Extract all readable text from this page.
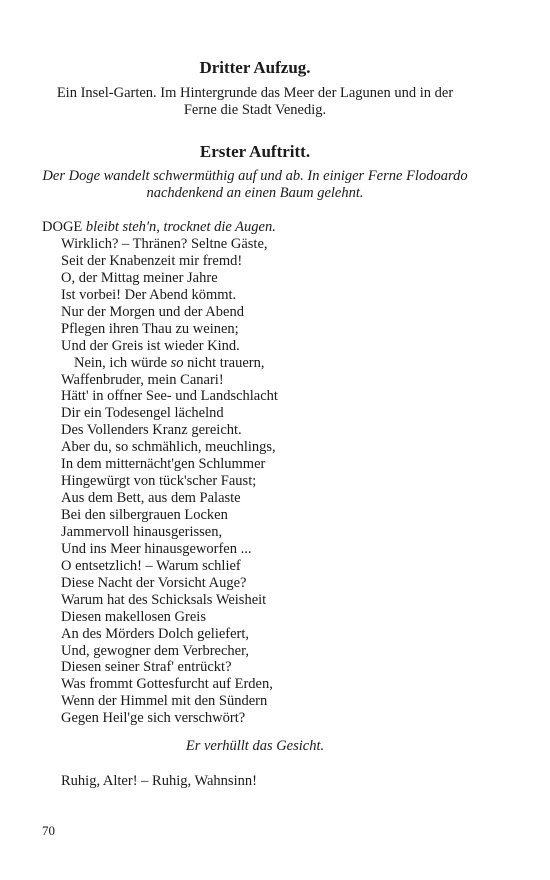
Dritter Aufzug.

Ein Insel-Garten. Im Hintergrunde das Meer der Lagunen und in der Ferne die Stadt Venedig.

Erster Auftritt.

Der Doge wandelt schwermüthig auf und ab. In einiger Ferne Flodoardo nachdenkend an einen Baum gelehnt.

DOGE bleibt steh'n, trocknet die Augen.
Wirklich? – Thränen? Seltne Gäste,
Seit der Knabenzeit mir fremd!
O, der Mittag meiner Jahre
Ist vorbei! Der Abend kömmt.
Nur der Morgen und der Abend
Pflegen ihren Thau zu weinen;
Und der Greis ist wieder Kind.
Nein, ich würde so nicht trauern,
Waffenbruder, mein Canari!
Hätt' in offner See- und Landschlacht
Dir ein Todesengel lächelnd
Des Vollenders Kranz gereicht.
Aber du, so schmählich, meuchlings,
In dem mitternächt'gen Schlummer
Hingewürgt von tück'scher Faust;
Aus dem Bett, aus dem Palaste
Bei den silbergrauen Locken
Jammervoll hinausgerissen,
Und ins Meer hinausgeworfen ...
O entsetzlich! – Warum schlief
Diese Nacht der Vorsicht Auge?
Warum hat des Schicksals Weisheit
Diesen makellosen Greis
An des Mörders Dolch geliefert,
Und, gewogner dem Verbrecher,
Diesen seiner Straf' entrückt?
Was frommt Gottesfurcht auf Erden,
Wenn der Himmel mit den Sündern
Gegen Heil'ge sich verschwört?
Er verhüllt das Gesicht.
Ruhig, Alter! – Ruhig, Wahnsinn!
70
